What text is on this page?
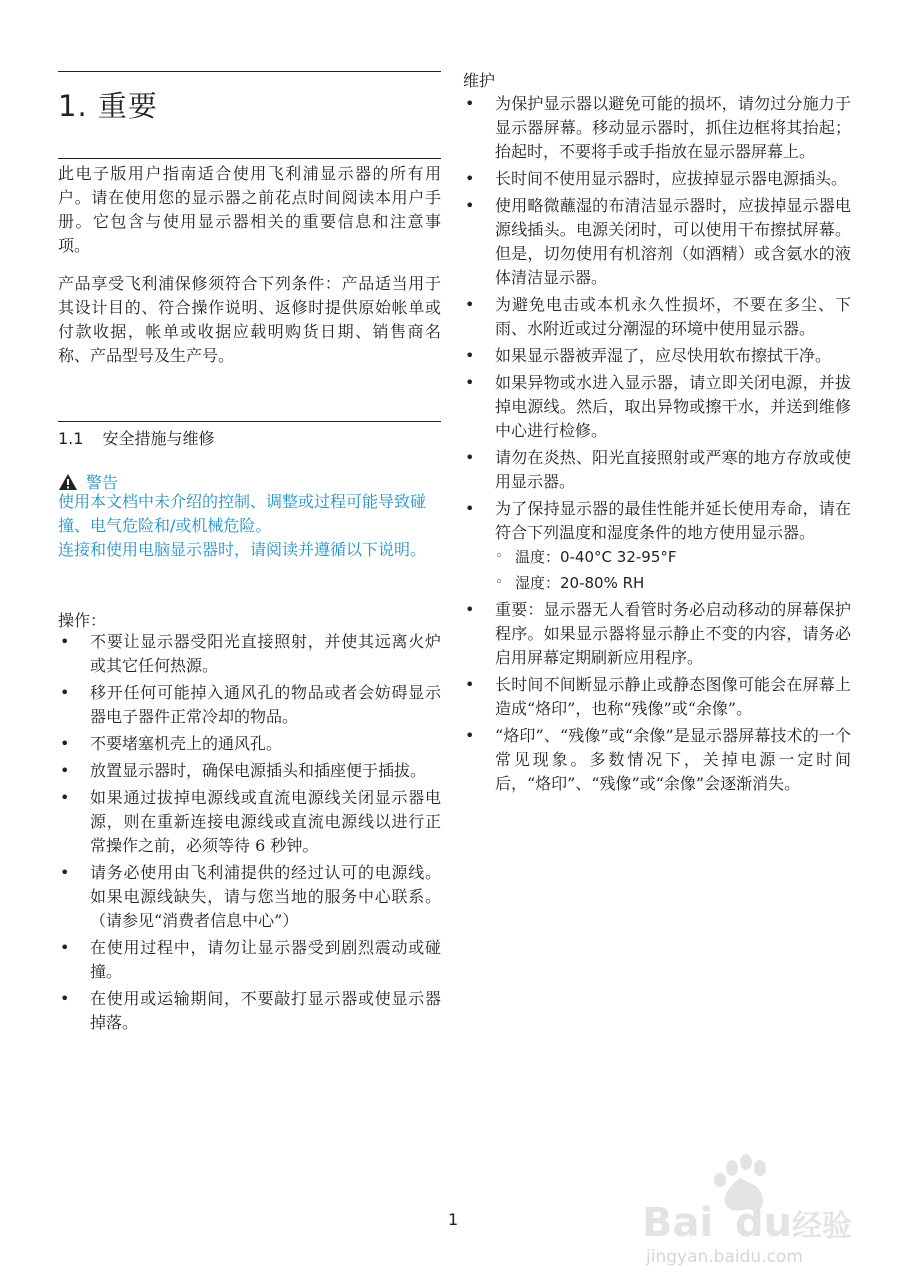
1. 重要
此电子版用户指南适合使用飞利浦显示器的所有用户。请在使用您的显示器之前花点时间阅读本用户手册。它包含与使用显示器相关的重要信息和注意事项。
产品享受飞利浦保修须符合下列条件：产品适当用于其设计目的、符合操作说明、返修时提供原始帐单或付款收据，帐单或收据应载明购货日期、销售商名称、产品型号及生产号。
1.1 安全措施与维修
警告
使用本文档中未介绍的控制、调整或过程可能导致碰撞、电气危险和/或机械危险。
连接和使用电脑显示器时，请阅读并遵循以下说明。
操作：
• 不要让显示器受阳光直接照射，并使其远离火炉或其它任何热源。
• 移开任何可能掉入通风孔的物品或者会妨碍显示器电子器件正常冷却的物品。
• 不要堵塞机壳上的通风孔。
• 放置显示器时，确保电源插头和插座便于插拔。
• 如果通过拔掉电源线或直流电源线关闭显示器电源，则在重新连接电源线或直流电源线以进行正常操作之前，必须等待 6 秒钟。
• 请务必使用由飞利浦提供的经过认可的电源线。如果电源线缺失，请与您当地的服务中心联系。（请参见“消费者信息中心”）
• 在使用过程中，请勿让显示器受到剧烈震动或碰撞。
• 在使用或运输期间，不要敲打显示器或使显示器掉落。
维护
• 为保护显示器以避免可能的损坏，请勿过分施力于显示器屏幕。移动显示器时，抓住边框将其抬起；抬起时，不要将手或手指放在显示器屏幕上。
• 长时间不使用显示器时，应拔掉显示器电源插头。
• 使用略微蘸湿的布清洁显示器时，应拔掉显示器电源线插头。电源关闭时，可以使用干布擦拭屏幕。但是，切勿使用有机溶剂（如酒精）或含氨水的液体清洁显示器。
• 为避免电击或本机永久性损坏，不要在多尘、下雨、水附近或过分潮湿的环境中使用显示器。
• 如果显示器被弄湿了，应尽快用软布擦拭干净。
• 如果异物或水进入显示器，请立即关闭电源，并拔掉电源线。然后，取出异物或擦干水，并送到维修中心进行检修。
• 请勿在炎热、阳光直接照射或严寒的地方存放或使用显示器。
• 为了保持显示器的最佳性能并延长使用寿命，请在符合下列温度和湿度条件的地方使用显示器。
◦ 温度：0-40°C 32-95°F
◦ 湿度：20-80% RH
• 重要：显示器无人看管时务必启动移动的屏幕保护程序。如果显示器将显示静止不变的内容，请务必启用屏幕定期刷新应用程序。
• 长时间不间断显示静止或静态图像可能会在屏幕上造成“烙印”，也称“残像”或“余像”。
• “烙印”、“残像”或“余像”是显示器屏幕技术的一个常见现象。多数情况下，关掉电源一定时间后，“烙印”、“残像”或“余像”会逐渐消失。
1	Bai du 经验
jingyan.baidu.com
